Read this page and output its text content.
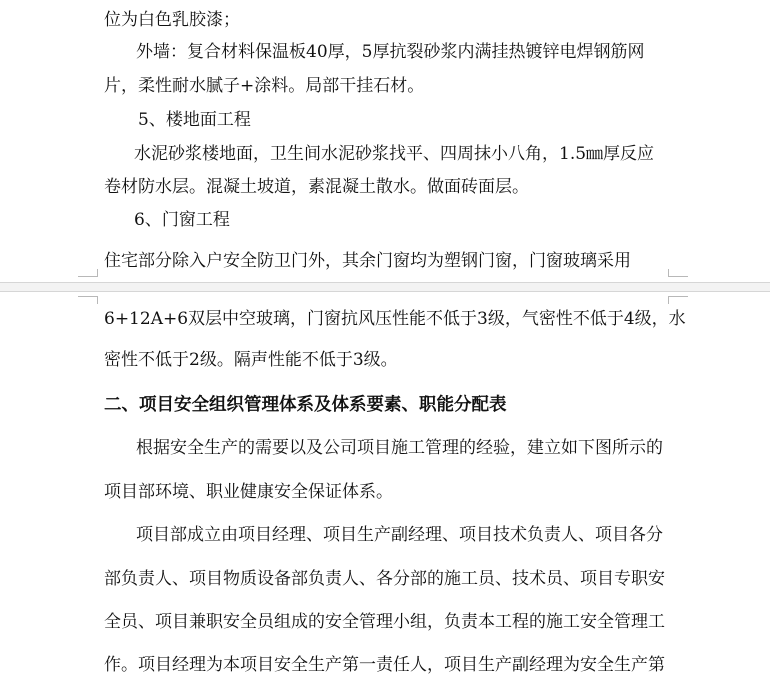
位为白色乳胶漆；
外墙：复合材料保温板40厚，5厚抗裂砂浆内满挂热镀锌电焊钢筋网
片，柔性耐水腻子+涂料。局部干挂石材。
5、楼地面工程
水泥砂浆楼地面，卫生间水泥砂浆找平、四周抹小八角，1.5㎜厚反应
卷材防水层。混凝土坡道，素混凝土散水。做面砖面层。
6、门窗工程
住宅部分除入户安全防卫门外，其余门窗均为塑钢门窗，门窗玻璃采用
6+12A+6双层中空玻璃，门窗抗风压性能不低于3级，气密性不低于4级，水
密性不低于2级。隔声性能不低于3级。
二、项目安全组织管理体系及体系要素、职能分配表
根据安全生产的需要以及公司项目施工管理的经验，建立如下图所示的
项目部环境、职业健康安全保证体系。
项目部成立由项目经理、项目生产副经理、项目技术负责人、项目各分
部负责人、项目物质设备部负责人、各分部的施工员、技术员、项目专职安
全员、项目兼职安全员组成的安全管理小组，负责本工程的施工安全管理工
作。项目经理为本项目安全生产第一责任人，项目生产副经理为安全生产第
